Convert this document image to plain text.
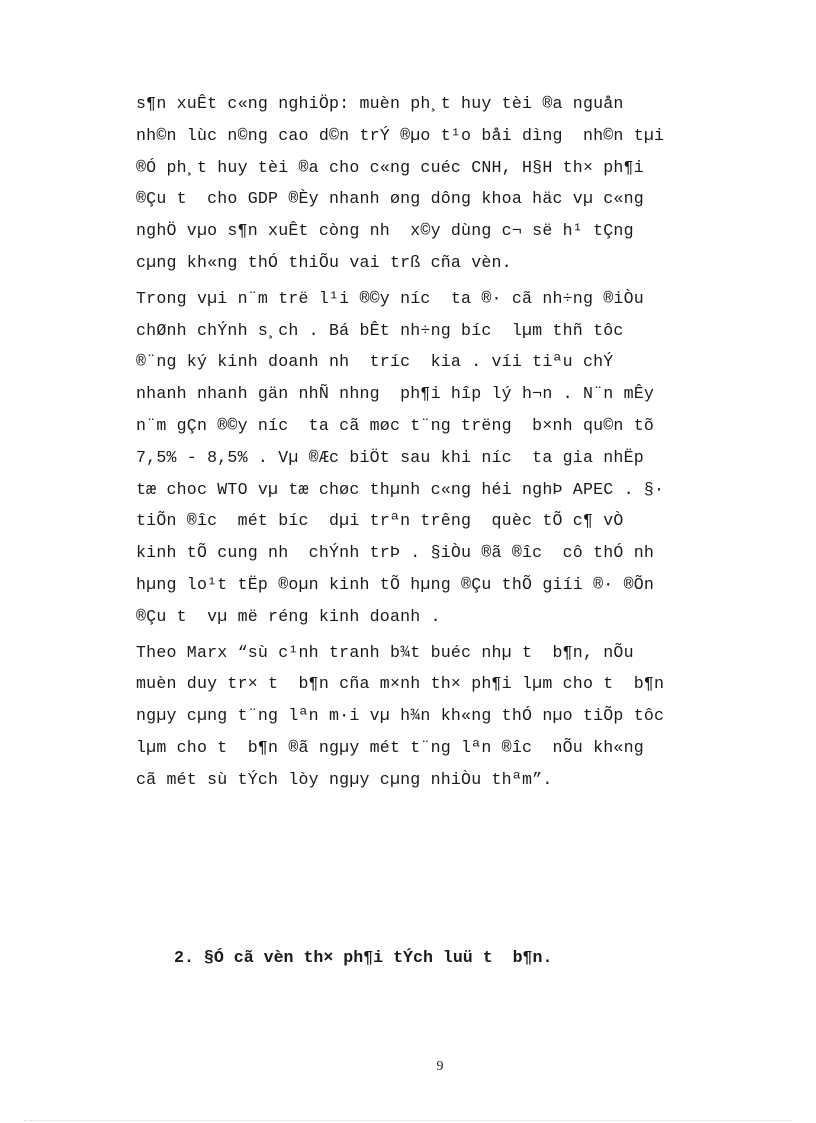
s¶n xuÊt c«ng nghiÖp: muèn ph¸t huy tèi ®a nguån
nh©n lùc n©ng cao d©n trÝ ®µo t¹o båi dìng  nh©n tµi
®Ó ph¸t huy tèi ®a cho c«ng cuéc CNH, H§H th× ph¶i
®Çu t  cho GDP ®Èy nhanh øng dông khoa häc vµ c«ng
nghÖ vµo s¶n xuÊt còng nh  x©y dùng c¬ së h¹ tÇng
cµng kh«ng thÓ thiÕu vai trß cña vèn.
Trong vµi n¨m trë l¹i ®©y níc  ta ®· cã nh÷ng ®iÒu
chØnh chÝnh s¸ch . Bá bÊt nh÷ng bíc  lµm thñ tôc
®¨ng ký kinh doanh nh  tríc  kia . víi tiªu chÝ
nhanh nhanh gän nhÑ nhng  ph¶i hîp lý h¬n . N¨n mÊy
n¨m gÇn ®©y níc  ta cã møc t¨ng trëng  b×nh qu©n tõ
7,5% - 8,5% . Vµ ®Æc biÖt sau khi níc  ta gia nhËp
tæ choc WTO vµ tæ chøc thµnh c«ng héi nghÞ APEC . §·
tiÕn ®îc  mét bíc  dµi trªn trêng  quèc tÕ c¶ vÒ
kinh tÕ cung nh  chÝnh trÞ . §iÒu ®ã ®îc  cô thÓ nh
hµng lo¹t tËp ®oµn kinh tÕ hµng ®Çu thÕ giíi ®· ®Õn
®Çu t  vµ më réng kinh doanh .
Theo Marx “sù c¹nh tranh b¾t buéc nhµ t  b¶n, nÕu
muèn duy tr× t  b¶n cña m×nh th× ph¶i lµm cho t  b¶n
ngµy cµng t¨ng lªn m·i vµ h¾n kh«ng thÓ nµo tiÕp tôc
lµm cho t  b¶n ®ã ngµy mét t¨ng lªn ®îc  nÕu kh«ng
cã mét sù tÝch lòy ngµy cµng nhiÒu thªm”.
2. §Ó cã vèn th× ph¶i tÝch luü t  b¶n.
9
